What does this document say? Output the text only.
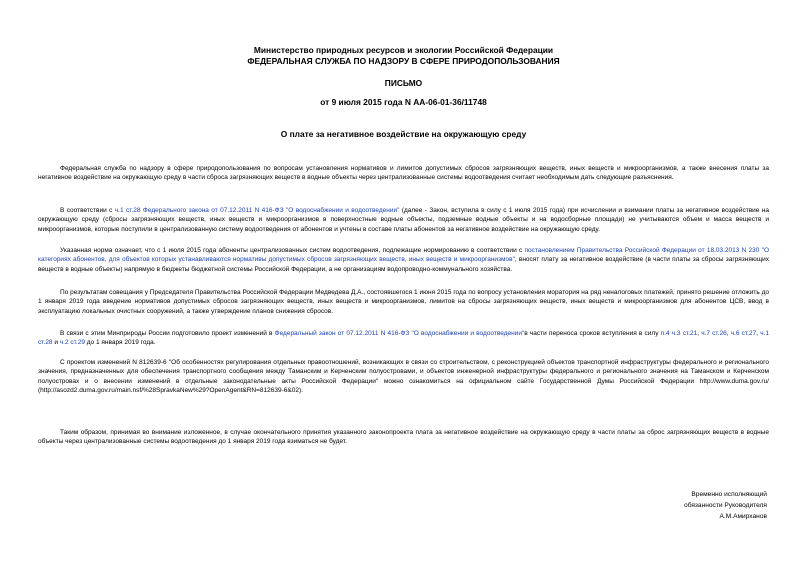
Министерство природных ресурсов и экологии Российской Федерации
ФЕДЕРАЛЬНАЯ СЛУЖБА ПО НАДЗОРУ В СФЕРЕ ПРИРОДОПОЛЬЗОВАНИЯ
ПИСЬМО
от 9 июля 2015 года N АА-06-01-36/11748
О плате за негативное воздействие на окружающую среду

Федеральная служба по надзору в сфере природопользования по вопросам установления нормативов и лимитов допустимых сбросов загрязняющих веществ, иных веществ и микроорганизмов, а также внесения платы за негативное воздействие на окружающую среду в части сброса загрязняющих веществ в водные объекты через централизованные системы водоотведения считает необходимым дать следующие разъяснения.

В соответствии с ч.1 ст.28 Федерального закона от 07.12.2011 N 416-ФЗ "О водоснабжении и водоотведении" (далее - Закон, вступила в силу с 1 июля 2015 года) при исчислении и взимании платы за негативное воздействие на окружающую среду (сбросы загрязняющих веществ, иных веществ и микроорганизмов в поверхностные водные объекты, подземные водные объекты и на водосборные площади) не учитываются объем и масса веществ и микроорганизмов, которые поступили в централизованную систему водоотведения от абонентов и учтены в составе платы абонентов за негативное воздействие на окружающую среду.

Указанная норма означает, что с 1 июля 2015 года абоненты централизованных систем водоотведения, подлежащие нормированию в соответствии с постановлением Правительства Российской Федерации от 18.03.2013 N 230 "О категориях абонентов, для объектов которых устанавливаются нормативы допустимых сбросов загрязняющих веществ, иных веществ и микроорганизмов", вносят плату за негативное воздействие (в части платы за сбросы загрязняющих веществ в водные объекты) напрямую в бюджеты бюджетной системы Российской Федерации, а не организациям водопроводно-коммунального хозяйства.

По результатам совещания у Председателя Правительства Российской Федерации Медведева Д.А., состоявшегося 1 июня 2015 года по вопросу установления моратория на ряд неналоговых платежей, принято решение отложить до 1 января 2019 года введение нормативов допустимых сбросов загрязняющих веществ, иных веществ и микроорганизмов, лимитов на сбросы загрязняющих веществ, иных веществ и микроорганизмов для абонентов ЦСВ, ввод в эксплуатацию локальных очистных сооружений, а также утверждение планов снижения сбросов.

В связи с этим Минприроды России подготовило проект изменений в Федеральный закон от 07.12.2011 N 416-ФЗ "О водоснабжении и водоотведении"в части переноса сроков вступления в силу п.4 ч.3 ст.21, ч.7 ст.26, ч.6 ст.27, ч.1 ст.28 и ч.2 ст.29 до 1 января 2019 года.

С проектом изменений N 812639-6 "Об особенностях регулирования отдельных правоотношений, возникающих в связи со строительством, с реконструкцией объектов транспортной инфраструктуры федерального и регионального значения, предназначенных для обеспечения транспортного сообщения между Таманским и Керченским полуостровами, и объектов инженерной инфраструктуры федерального и регионального значения на Таманском и Керченском полуостровах и о внесении изменений в отдельные законодательные акты Российской Федерации" можно ознакомиться на официальном сайте Государственной Думы Российской Федерации http://www.duma.gov.ru/ (http://asozd2.duma.gov.ru/main.nsf/%28SpravkaNew%29?OpenAgent&RN=812639-6&02).

Таким образом, принимая во внимание изложенное, в случае окончательного принятия указанного законопроекта плата за негативное воздействие на окружающую среду в части платы за сброс загрязняющих веществ в водные объекты через централизованные системы водоотведения до 1 января 2019 года взиматься не будет.

Временно исполняющий
обязанности Руководителя
А.М.Амирханов
